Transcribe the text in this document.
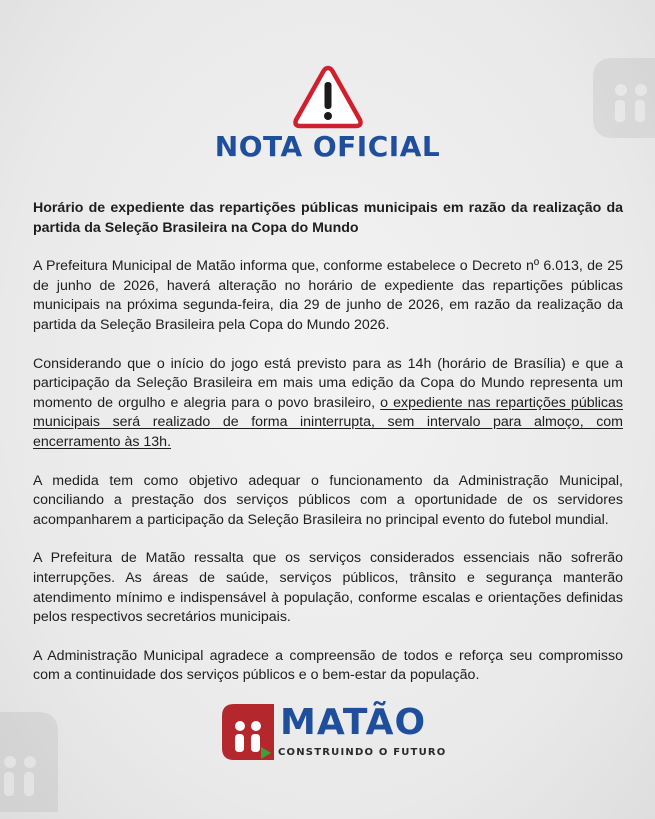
NOTA OFICIAL

Horário de expediente das repartições públicas municipais em razão da realização da partida da Seleção Brasileira na Copa do Mundo

A Prefeitura Municipal de Matão informa que, conforme estabelece o Decreto nº 6.013, de 25 de junho de 2026, haverá alteração no horário de expediente das repartições públicas municipais na próxima segunda-feira, dia 29 de junho de 2026, em razão da realização da partida da Seleção Brasileira pela Copa do Mundo 2026.

Considerando que o início do jogo está previsto para as 14h (horário de Brasília) e que a participação da Seleção Brasileira em mais uma edição da Copa do Mundo representa um momento de orgulho e alegria para o povo brasileiro, o expediente nas repartições públicas municipais será realizado de forma ininterrupta, sem intervalo para almoço, com encerramento às 13h.

A medida tem como objetivo adequar o funcionamento da Administração Municipal, conciliando a prestação dos serviços públicos com a oportunidade de os servidores acompanharem a participação da Seleção Brasileira no principal evento do futebol mundial.

A Prefeitura de Matão ressalta que os serviços considerados essenciais não sofrerão interrupções. As áreas de saúde, serviços públicos, trânsito e segurança manterão atendimento mínimo e indispensável à população, conforme escalas e orientações definidas pelos respectivos secretários municipais.

A Administração Municipal agradece a compreensão de todos e reforça seu compromisso com a continuidade dos serviços públicos e o bem-estar da população.

MATÃO
CONSTRUINDO O FUTURO
